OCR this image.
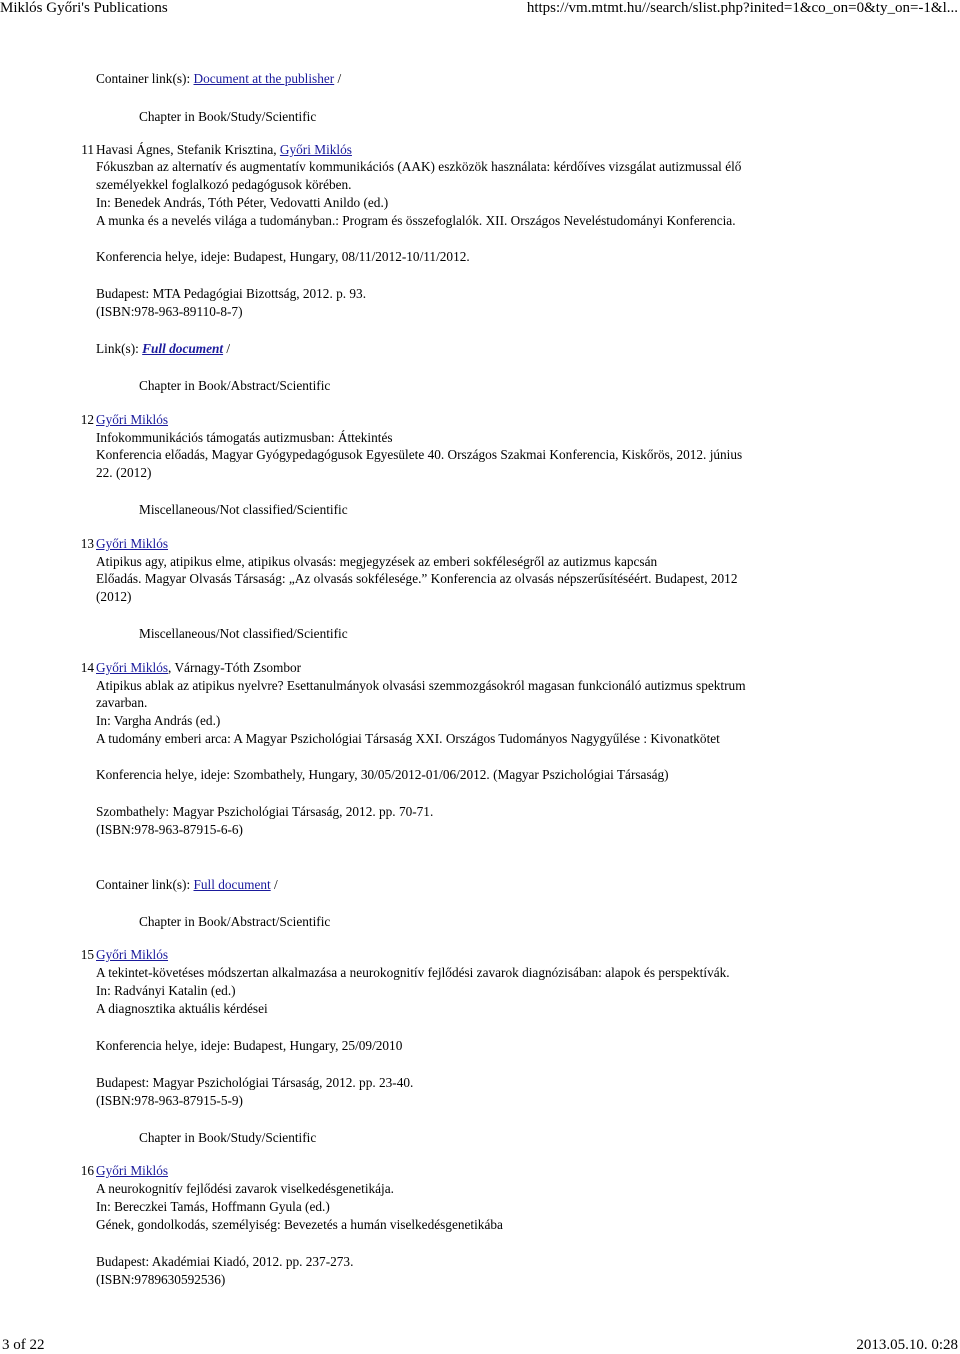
Miklós Győri's Publications	https://vm.mtmt.hu//search/slist.php?inited=1&co_on=0&ty_on=-1&l...
Container link(s): Document at the publisher /
Chapter in Book/Study/Scientific
11 Havasi Ágnes, Stefanik Krisztina, Győri Miklós
Fókuszban az alternatív és augmentatív kommunikációs (AAK) eszközök használata: kérdőíves vizsgálat autizmussal élő
személyekkel foglalkozó pedagógusok körében.
In: Benedek András, Tóth Péter, Vedovatti Anildo (ed.)
A munka és a nevelés világa a tudományban.: Program és összefoglalók. XII. Országos Neveléstudományi Konferencia.
Konferencia helye, ideje: Budapest, Hungary, 08/11/2012-10/11/2012.
Budapest: MTA Pedagógiai Bizottság, 2012. p. 93.
(ISBN:978-963-89110-8-7)
Link(s): Full document /
Chapter in Book/Abstract/Scientific
12 Győri Miklós
Infokommunikációs támogatás autizmusban: Áttekintés
Konferencia előadás, Magyar Gyógypedagógusok Egyesülete 40. Országos Szakmai Konferencia, Kiskőrös, 2012. június
22. (2012)
Miscellaneous/Not classified/Scientific
13 Győri Miklós
Atipikus agy, atipikus elme, atipikus olvasás: megjegyzések az emberi sokféleségről az autizmus kapcsán
Előadás. Magyar Olvasás Társaság: „Az olvasás sokfélesége.” Konferencia az olvasás népszerűsítéséért. Budapest, 2012
(2012)
Miscellaneous/Not classified/Scientific
14 Győri Miklós, Várnagy-Tóth Zsombor
Atipikus ablak az atipikus nyelvre? Esettanulmányok olvasási szemmozgásokról magasan funkcionáló autizmus spektrum
zavarban.
In: Vargha András (ed.)
A tudomány emberi arca: A Magyar Pszichológiai Társaság XXI. Országos Tudományos Nagygyűlése : Kivonatkötet
Konferencia helye, ideje: Szombathely, Hungary, 30/05/2012-01/06/2012. (Magyar Pszichológiai Társaság)
Szombathely: Magyar Pszichológiai Társaság, 2012. pp. 70-71.
(ISBN:978-963-87915-6-6)
Container link(s): Full document /
Chapter in Book/Abstract/Scientific
15 Győri Miklós
A tekintet-követéses módszertan alkalmazása a neurokognitív fejlődési zavarok diagnózisában: alapok és perspektívák.
In: Radványi Katalin (ed.)
A diagnosztika aktuális kérdései
Konferencia helye, ideje: Budapest, Hungary, 25/09/2010
Budapest: Magyar Pszichológiai Társaság, 2012. pp. 23-40.
(ISBN:978-963-87915-5-9)
Chapter in Book/Study/Scientific
16 Győri Miklós
A neurokognitív fejlődési zavarok viselkedésgenetikája.
In: Bereczkei Tamás, Hoffmann Gyula (ed.)
Gének, gondolkodás, személyiség: Bevezetés a humán viselkedésgenetikába
Budapest: Akadémiai Kiadó, 2012. pp. 237-273.
(ISBN:9789630592536)
3 of 22	2013.05.10. 0:28
